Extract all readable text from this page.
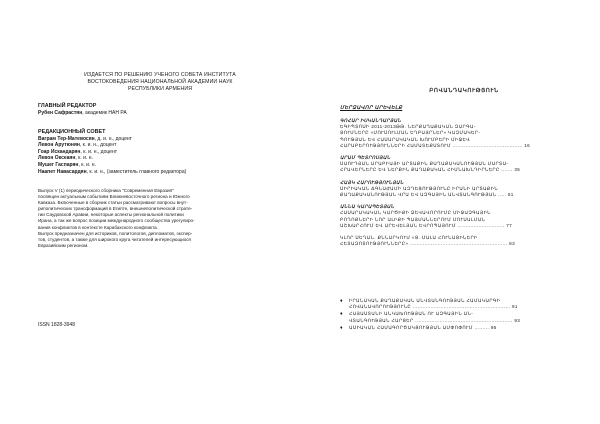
ИЗДАЕТСЯ ПО РЕШЕНИЮ УЧЕНОГО СОВЕТА ИНСТИТУТА
ВОСТОКОВЕДЕНИЯ НАЦИОНАЛЬНОЙ АКАДЕМИИ НАУК
РЕСПУБЛИКИ АРМЕНИЯ
ГЛАВНЫЙ РЕДАКТОР
Рубен Сафрастян, академик НАН РА
РЕДАКЦИОННЫЙ СОВЕТ
Ваграм Тер-Матевосян, д. и. н., доцент
Левон Арутюнян, к. и. н., доцент
Гоар Искандарян, к. и. н., доцент
Левон Оксеаян, к. и. н.
Мушег Гаспарян, к. и. н.
Наапет Навасардян, к. и. н., (заместитель главного редактора)
Выпуск V (1) периодического сборника "Современная Евразия"
посвящен актуальным событиям Ближневосточного региона и Южного
Кавказа. Включенные в сборник статьи рассматривают вопросы внут-
риполитических трансформаций в Египте, внешнеполитической страте-
гии Саудовской Аравии, некоторые аспекты региональной политики
Ирана, а так же вопрос позиции международного сообщества урегулиро-
вания конфликтов в контексте Карабахского конфликта.
Выпуск предназначен для историков, политологов, дипломатов, экспер-
тов, студентов, а также для широкого круга читателей интересующихся
Евразийским регионом.
ISSN 1828-3948
ԲՈՎԱՆԴԱԿՈՒԹՅՈՒՆ
ՄԵՐՁԱՎՈՐ ԱՐԵՎԵԼՔ
ԳՈՀԱՐ ԻՍԿԱՆԴԱՐՅԱՆ
ԵԳԻՊՏՈՍԻ 2011-2013ԹԹ. ՆԵՐՔԱՂԱՔԱԿԱՆ ԶԱՐԳԱ-
ՑՈՒՄՆԵՐԸ «ՄՈՒՍՈՒԼՄԱՆ ԵՂԲԱՅՐՆԵՐ» ԿԱԶՄԱԿԵՐ-
ՊՈՒԹՅԱՆ ԵՎ ՀԱՍԱՐԱԿԱԿԱՆ ԽՈՒՄԲԵՐԻ ՄԻՋԵՎ
ՀԱՐԱԲԵՐՈՒԹՅՈՒՆՆԵՐԻ ՀԱՄԱՏԵՔՍՏՈՒՄ ........................................... 16
ԱՐԱՄ ՊԵՏՐՈՍՅԱՆ
ՍԱՈՒԴՅԱՆ ԱՐԱԲԻԱՅԻ ԱՐՏԱՔԻՆ ՔԱՂԱՔԱԿԱՆՈՒԹՅԱՆ ՄԱՐՏԱ-
ՀՐԱՎԵՐՆԵՐԸ ԵՎ ՆԵՐՔԻՆ ՔԱՂԱՔԱԿԱՆ ՀԻՄՆԱԽՆԴԻՐՆԵՐԸ ....... 35
ՀԱՅԿ ՀԱՐՈՒԹՅՈՒՆՅԱՆ
ՍԻՐԻԱԿԱՆ ՃԳՆԱԺԱՄԻ ԱԶԴԵՑՈՒԹՅՈՒՆԸ ԻՐԱՆԻ ԱՐՏԱՔԻՆ
ՔԱՂԱՔԱԿԱՆՈՒԹՅԱՆ ՎՐԱ ԵՎ ԱԶԳԱՅԻՆ ԱՆՎՏԱՆԳՈՒԹՅԱՆ ..... 51
ԱՆՆԱ ԿԱՐԱՊԵՏՅԱՆ
ՀԱՍԱՐԱԿԱԿԱՆ ԿԱՐԾԻՔԻ ՁԵՎԱՎՈՐՈՒՄԸ ՄԻՋԱԶԳԱՅԻՆ
ԲՈՂՈՔՆԵՐԻ ՆՈՐ ԱԼԻՔԻ ՊԱՅՄԱՆՆԵՐՈՒՄ ՄՈՒՍԱԼՄԱՆ
ԱՇԽԱՐՀՈՒՄ ԵՎ ԱՐԵՎԵԼՅԱՆ ԵՎՐՈՊԱՅՈՒՄ ............................. 77
ԿԼՈՐ ՍԵՂԱՆ. ՔՆՆԱՐԿՈՒՄ «Ց. ՄԱԼԱ ՀՈՒՆԱՑԻՆԵՐԻ
ՀԵՏԱԶՈՏՈՒԹՅՈՒՆՆԵՐԸ» ............................................................ 83
♦ ԻՐԱՆԱԿԱՆ ՔԱՂԱՔԱԿԱՆ ԱՆՎՏԱՆԳՈՒԹՅԱՆ ՀԱՄԱԿԱՐԳԻ
ՀՈՎԱՆԱՎՈՐՈՒԹՅՈՒՆԸ ............................................................ 91
♦ ՀԱՅԱՍՏԱՆԻ ԱՆԿԱԽՈՒԹՅԱՆ ՈՒ ԱԶԳԱՅԻՆ ԱՆ-
ՎՏԱՆԳՈՒԹՅԱՆ ՀԱՐՑԵՐ ............................................................ 93
♦ ԱՍԻԱԿԱՆ ՀԱՄԱԳՈՐԾԱԿՑՈՒԹՅԱՆ ԱՄՓՈՓՈՒՄ ......... 95
